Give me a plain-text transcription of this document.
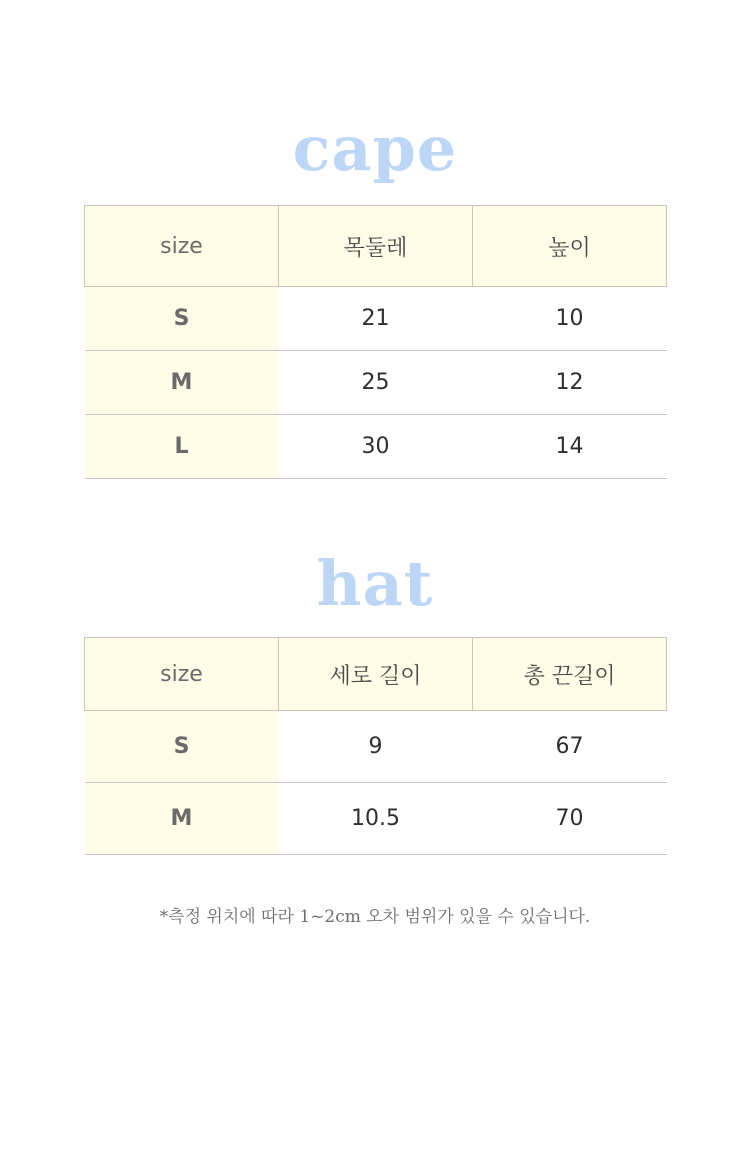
cape
size	목둘레	높이
S	21	10
M	25	12
L	30	14
hat
size	세로 길이	총 끈길이
S	9	67
M	10.5	70
*측정 위치에 따라 1~2cm 오차 범위가 있을 수 있습니다.
